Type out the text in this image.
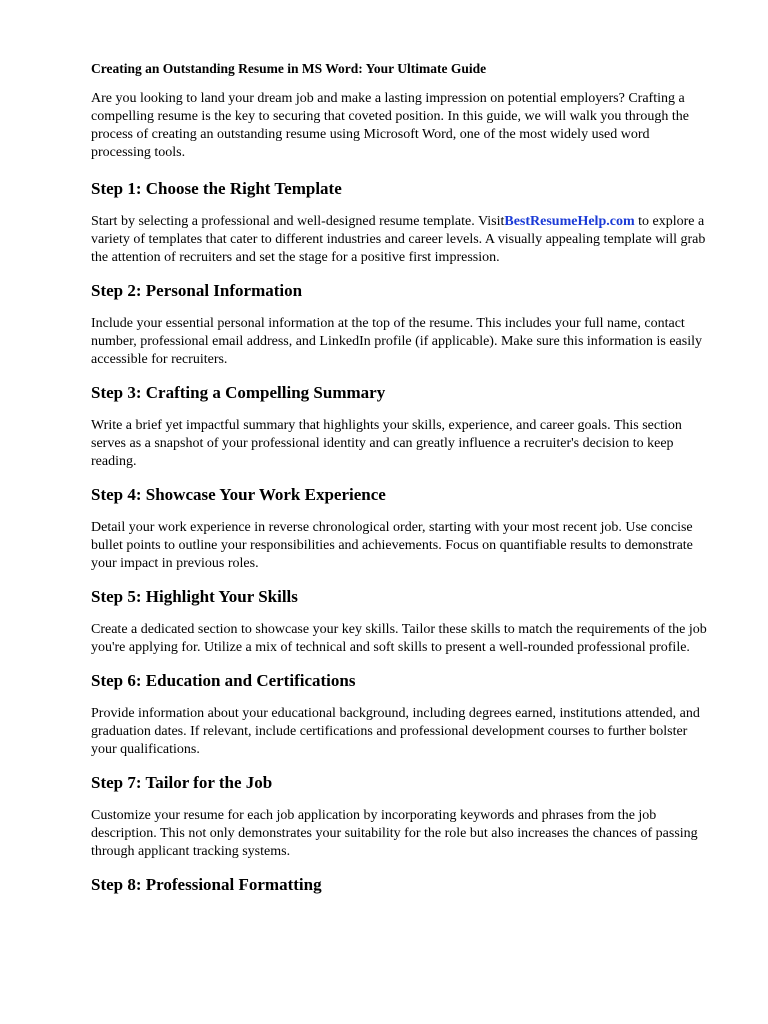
Creating an Outstanding Resume in MS Word: Your Ultimate Guide

Are you looking to land your dream job and make a lasting impression on potential employers? Crafting a compelling resume is the key to securing that coveted position. In this guide, we will walk you through the process of creating an outstanding resume using Microsoft Word, one of the most widely used word processing tools.

Step 1: Choose the Right Template

Start by selecting a professional and well-designed resume template. VisitBestResumeHelp.com to explore a variety of templates that cater to different industries and career levels. A visually appealing template will grab the attention of recruiters and set the stage for a positive first impression.

Step 2: Personal Information

Include your essential personal information at the top of the resume. This includes your full name, contact number, professional email address, and LinkedIn profile (if applicable). Make sure this information is easily accessible for recruiters.

Step 3: Crafting a Compelling Summary

Write a brief yet impactful summary that highlights your skills, experience, and career goals. This section serves as a snapshot of your professional identity and can greatly influence a recruiter's decision to keep reading.

Step 4: Showcase Your Work Experience

Detail your work experience in reverse chronological order, starting with your most recent job. Use concise bullet points to outline your responsibilities and achievements. Focus on quantifiable results to demonstrate your impact in previous roles.

Step 5: Highlight Your Skills

Create a dedicated section to showcase your key skills. Tailor these skills to match the requirements of the job you're applying for. Utilize a mix of technical and soft skills to present a well-rounded professional profile.

Step 6: Education and Certifications

Provide information about your educational background, including degrees earned, institutions attended, and graduation dates. If relevant, include certifications and professional development courses to further bolster your qualifications.

Step 7: Tailor for the Job

Customize your resume for each job application by incorporating keywords and phrases from the job description. This not only demonstrates your suitability for the role but also increases the chances of passing through applicant tracking systems.

Step 8: Professional Formatting
